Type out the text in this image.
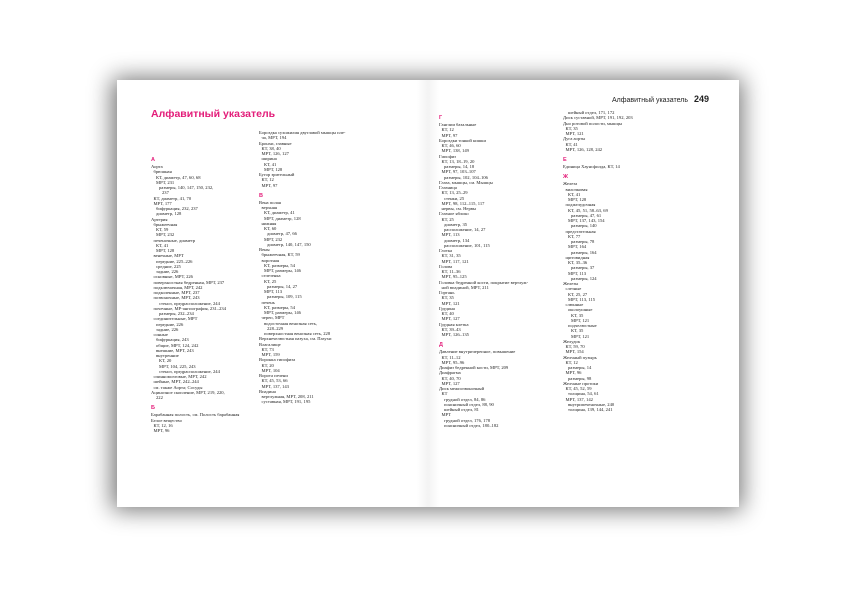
Алфавитный указатель 249
Алфавитный указатель
А
Аорта
брюшная
КТ, диаметр, 47, 60, 68
МРТ, 231
размеры, 140, 147, 150, 232,
237
КТ, диаметр, 41, 70
МРТ, 177
бифуркация, 232, 237
диаметр, 128
Артерия
брыжеечная
КТ, 59
МРТ, 232
печеночные, диаметр
КТ, 41
МРТ, 128
венечные, МРТ
передние, 225–226
средние, 225
задние, 226
основные, МРТ, 226
поверхностная бедренная, МРТ, 237
подключичная, МРТ, 242
подколенные, МРТ, 237
позвоночные, МРТ, 243
стеноз, предрасположение, 244
почечные, МР-ангиография, 231–234
размеры, 232–234
соединительные, МРТ
передние, 226
задние, 226
сонные
бифуркация, 243
общие, МРТ, 124, 242
внешние, МРТ, 243
внутренние
КТ, 20
МРТ, 104, 225, 243
стеноз, предрасположение, 244
спинномозговые, МРТ, 242
шейные, МРТ, 242–244
см. также Аорта; Сосуды
Ацинозное скопление, МРТ, 219, 220,
222
Б
Барабанная полость, см. Полость барабанная
Белое вещество
КТ, 12, 16
МРТ, 96
Бороздка сухожилия двуглавой мышцы пле-
ча, МРТ, 194
Бронхи, главные
КТ, 38, 40
МРТ, 126, 127
ширина
КТ, 41
МРТ, 128
Бугор зрительный
КТ, 12
МРТ, 97
В
Вена полая
верхняя
КТ, диаметр, 41
МРТ, диаметр, 128
нижняя
КТ, 60
диаметр, 47, 66
МРТ, 232
диаметр, 140, 147, 150
Вены
брыжеечная, КТ, 59
воротная
КТ, размеры, 54
МРТ, размеры, 146
селезенка
КТ, 25
размеры, 14, 27
МРТ, 113
размеры, 109, 115
печень
КТ, размеры, 54
МРТ, размеры, 146
череп, МРТ
водосточная венозная сеть,
228–229
поверхностная венозная сеть, 228
Верхнечелюстная пазуха, см. Пазухи
Влагалище
КТ, 73
МРТ, 159
Воронка гипофиза
КТ, 20
МРТ, 104
Ворота печени
КТ, 45, 53, 66
МРТ, 137, 143
Впадина
вертлужная, МРТ, 208, 211
суставная, МРТ, 191, 195
Г
Ганглии базальные
КТ, 12
МРТ, 97
Бороздки тонкой кишки
КТ, 46, 60
МРТ, 138, 149
Гипофиз
КТ, 13, 18–19, 20
размеры, 14, 18
МРТ, 97, 103–107
размеры, 102, 104–106
Глаза, мышцы, см. Мышцы
Глазница
КТ, 13, 25–29
стенки, 25
МРТ, 98, 112–115, 117
нервы, см. Нервы
Глазное яблоко
КТ, 25
диаметр, 35
расположение, 14, 27
МРТ, 113
диаметр, 134
расположение, 101, 115
Глотка
КТ, 31, 35
МРТ, 117, 121
Голова
КТ, 11–36
МРТ, 95–125
Головка бедренной кости, покрытие вертлуж-
ной впадиной, МРТ, 211
Гортань
КТ, 35
МРТ, 121
Грудина
КТ, 40
МРТ, 127
Грудная клетка
КТ, 39–43
МРТ, 126–135
Д
Давление внутричерепное, повышение
КТ, 11–12
МРТ, 95–96
Диафиз бедренной кости, МРТ, 209
Диафрагма
КТ, 40, 70
МРТ, 127
Диск межпозвоночный
КТ
грудной отдел, 84, 86
поясничный отдел, 88, 90
шейный отдел, 81
МРТ
грудной отдел, 176, 178
поясничный отдел, 180–182
шейный отдел, 171, 172
Диск суставной, МРТ, 191, 192, 203
Дно ротовой полости, мышцы
КТ, 35
МРТ, 121
Дуга аорты
КТ, 41
МРТ, 126, 128, 242
Е
Единица Хаунсфилда, КТ, 14
Ж
Железа
вилочковая
КТ, 41
МРТ, 128
поджелудочная
КТ, 45, 51, 58–63, 69
размеры, 47, 61
МРТ, 137, 143, 154
размеры, 140
предстательная
КТ, 77
размеры, 78
МРТ, 164
размеры, 164
щитовидная
КТ, 35–36
размеры, 37
МРТ, 113
размеры, 124
Железы
слезные
КТ, 25, 27
МРТ, 113, 115
слюнные
околоушные
КТ, 35
МРТ, 121
подчелюстные
КТ, 35
МРТ, 121
Желудок
КТ, 59, 70
МРТ, 154
Желчный пузырь
КТ, 12
размеры, 14
МРТ, 96
размеры, 98
Желчные протоки
КТ, 45, 52, 59
толщина, 54, 61
МРТ, 137, 142
внутрипеченочные, 240
толщина, 139, 144, 241
